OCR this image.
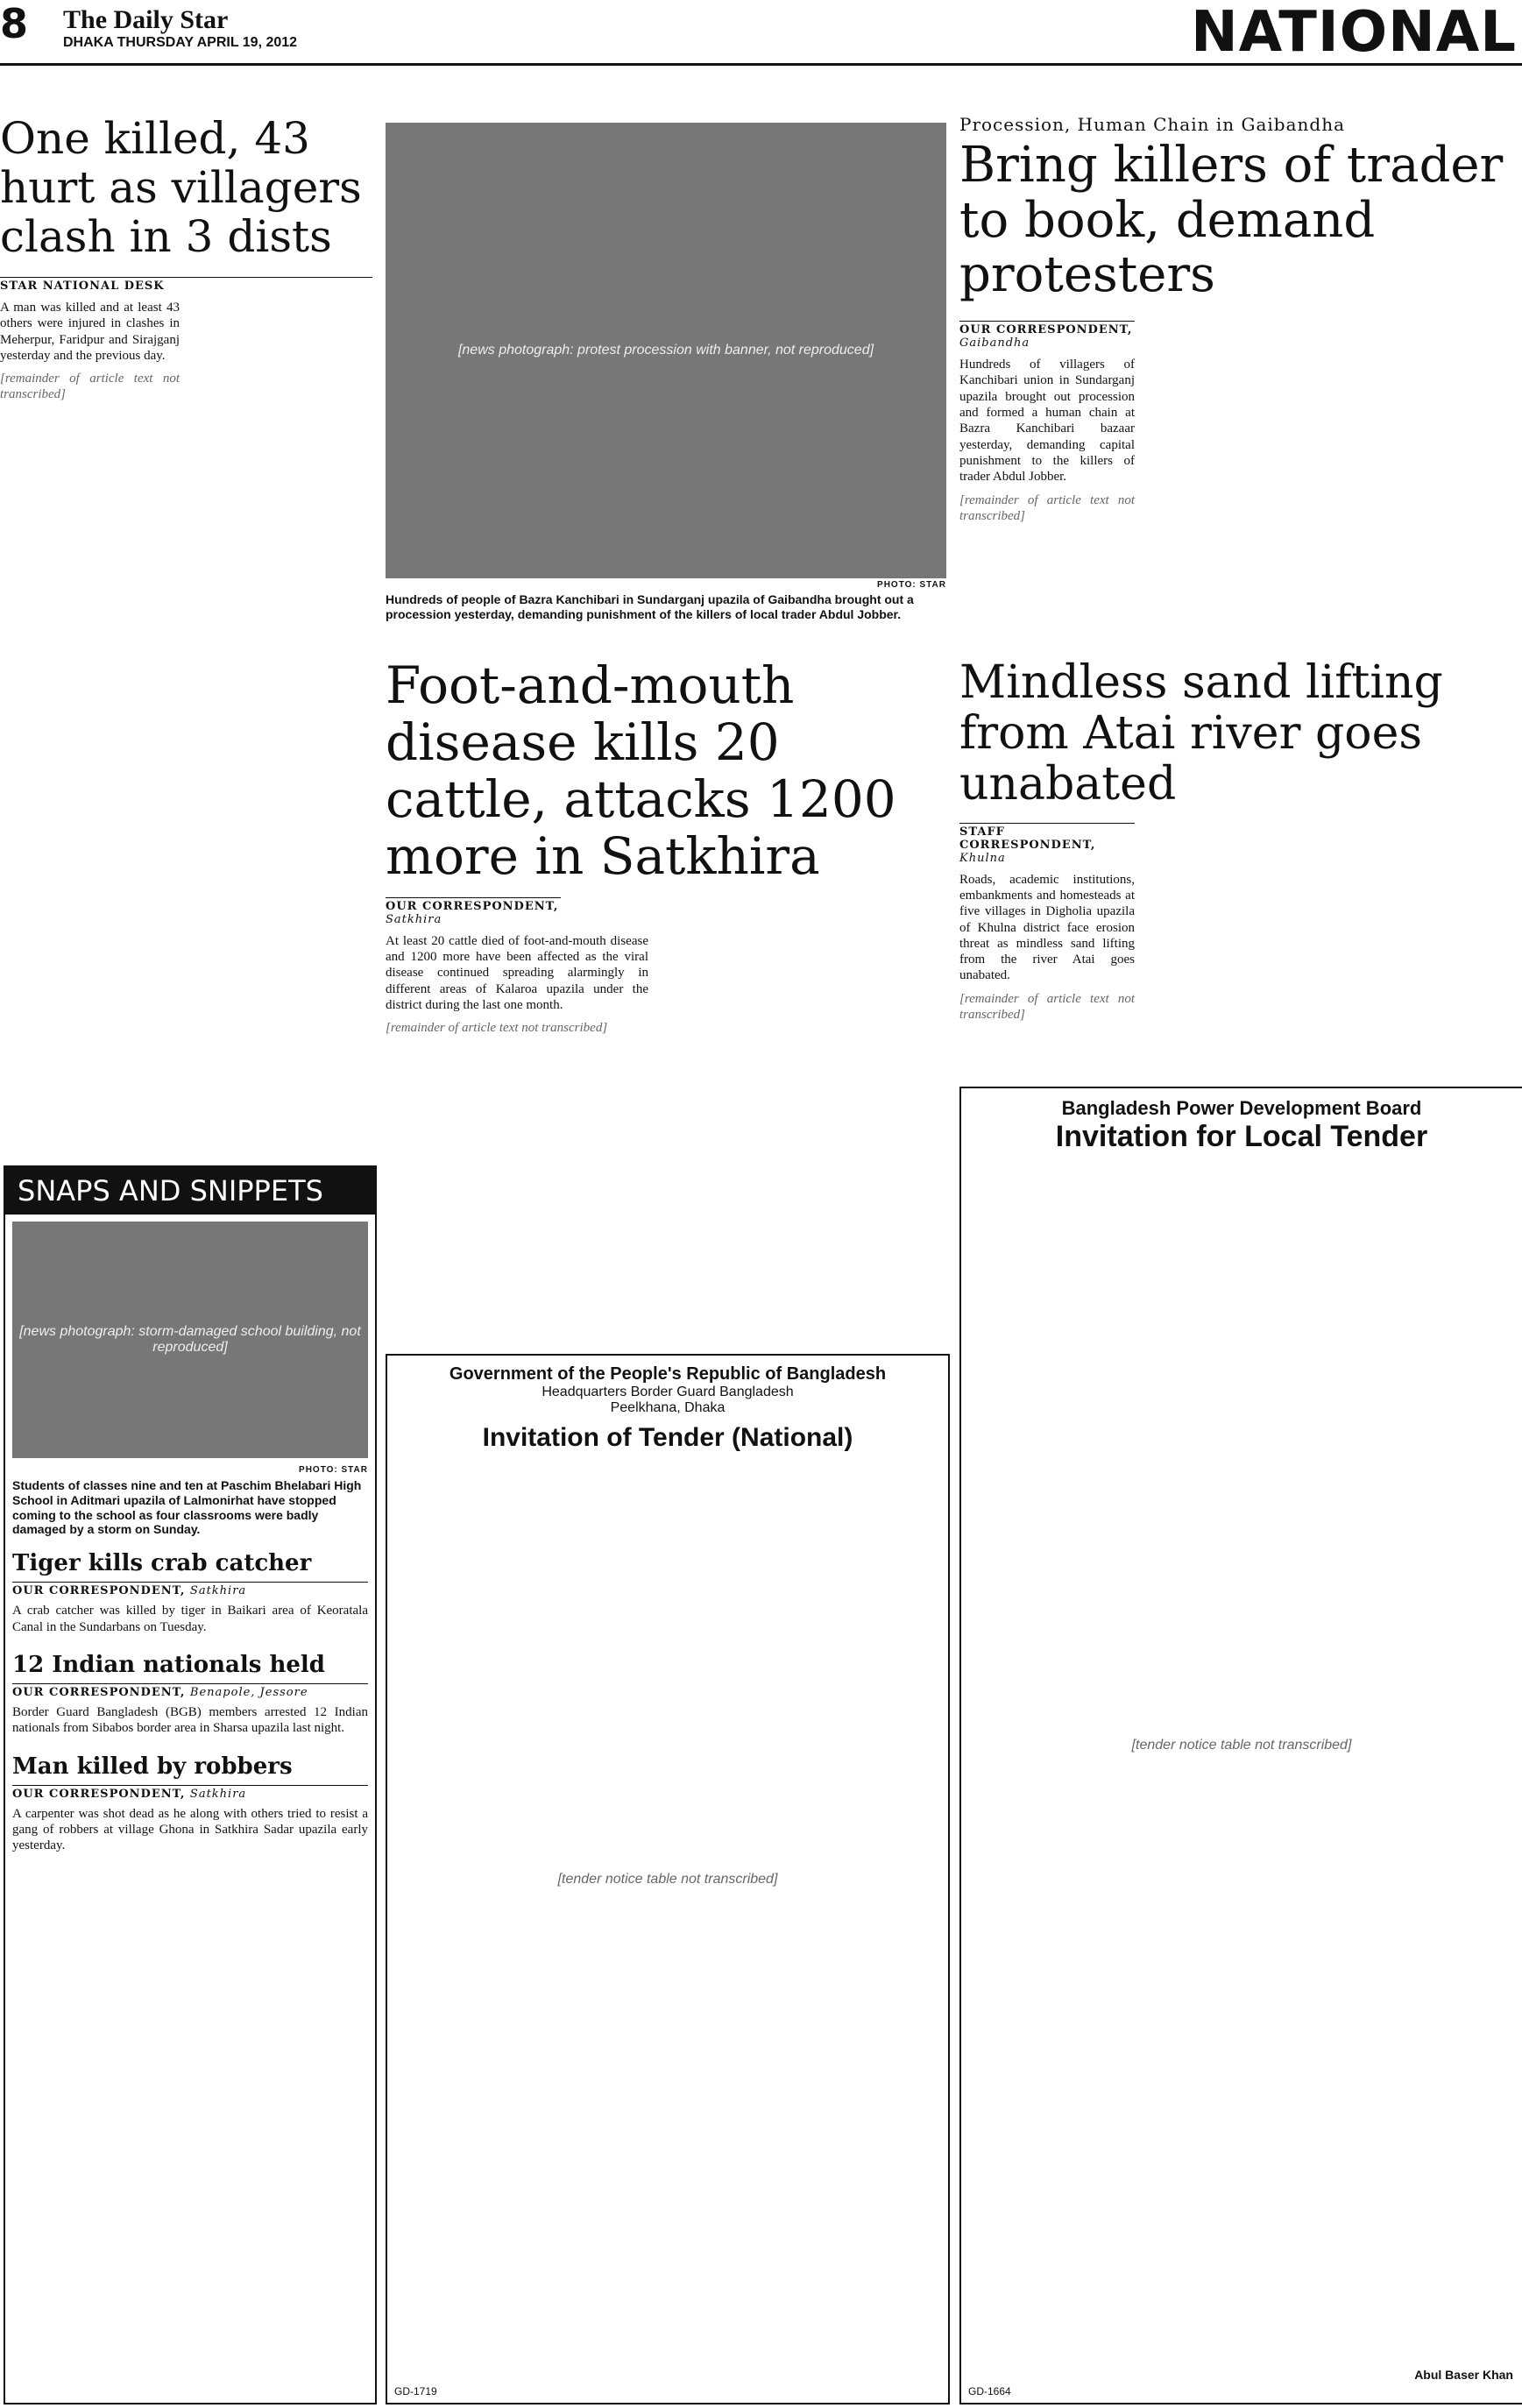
8 The Daily Star
DHAKA THURSDAY APRIL 19, 2012	NATIONAL
One killed, 43 hurt as villagers clash in 3 dists
STAR NATIONAL DESK
A man was killed and at least 43 others were injured in clashes in Meherpur, Faridpur and Sirajganj yesterday and the previous day.
[remainder of article text not transcribed]
[news photograph: protest procession with banner, not reproduced]
PHOTO: STAR
Hundreds of people of Bazra Kanchibari in Sundarganj upazila of Gaibandha brought out a procession yesterday, demanding punishment of the killers of local trader Abdul Jobber.
Procession, Human Chain in Gaibandha
Bring killers of trader to book, demand protesters
OUR CORRESPONDENT, Gaibandha
Hundreds of villagers of Kanchibari union in Sundarganj upazila brought out procession and formed a human chain at Bazra Kanchibari bazaar yesterday, demanding capital punishment to the killers of trader Abdul Jobber.
[remainder of article text not transcribed]
Foot-and-mouth disease kills 20 cattle, attacks 1200 more in Satkhira
OUR CORRESPONDENT, Satkhira
At least 20 cattle died of foot-and-mouth disease and 1200 more have been affected as the viral disease continued spreading alarmingly in different areas of Kalaroa upazila under the district during the last one month.
[remainder of article text not transcribed]
Mindless sand lifting from Atai river goes unabated
STAFF CORRESPONDENT, Khulna
Roads, academic institutions, embankments and homesteads at five villages in Digholia upazila of Khulna district face erosion threat as mindless sand lifting from the river Atai goes unabated.
[remainder of article text not transcribed]
SNAPS AND SNIPPETS
[news photograph: storm-damaged school building, not reproduced]
PHOTO: STAR
Students of classes nine and ten at Paschim Bhelabari High School in Aditmari upazila of Lalmonirhat have stopped coming to the school as four classrooms were badly damaged by a storm on Sunday.
Tiger kills crab catcher
OUR CORRESPONDENT, Satkhira
A crab catcher was killed by tiger in Baikari area of Keoratala Canal in the Sundarbans on Tuesday.
12 Indian nationals held
OUR CORRESPONDENT, Benapole, Jessore
Border Guard Bangladesh (BGB) members arrested 12 Indian nationals from Sibabos border area in Sharsa upazila last night.
Man killed by robbers
OUR CORRESPONDENT, Satkhira
A carpenter was shot dead as he along with others tried to resist a gang of robbers at village Ghona in Satkhira Sadar upazila early yesterday.
Government of the People's Republic of Bangladesh
Headquarters Border Guard Bangladesh
Peelkhana, Dhaka
Invitation of Tender (National)
[tender notice table not transcribed]
GD-1719
Bangladesh Power Development Board
Invitation for Local Tender
[tender notice table not transcribed]
Abul Baser Khan
GD-1664
